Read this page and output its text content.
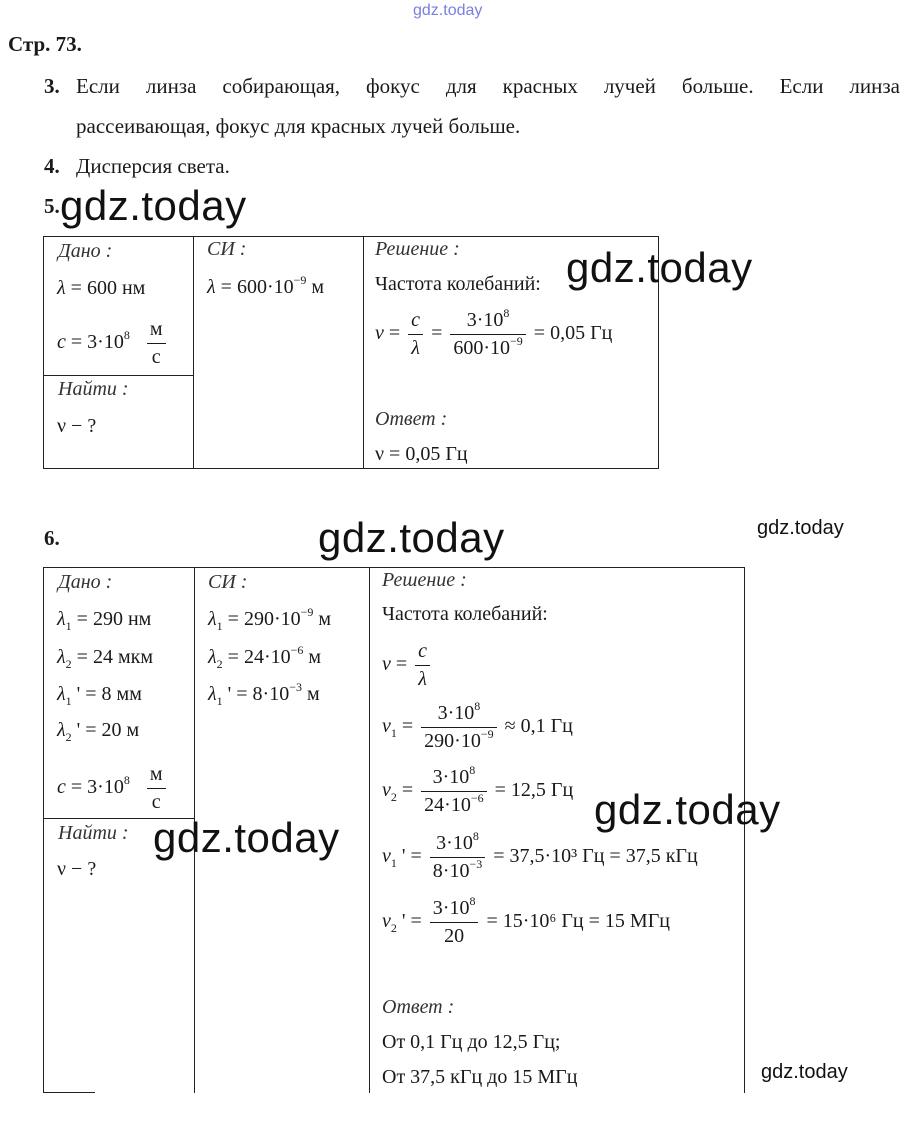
gdz.today
Стр. 73.
3. Если линза собирающая, фокус для красных лучей больше. Если линза

рассеивающая, фокус для красных лучей больше.

4. Дисперсия света.

5. gdz.today
Дано :
λ = 600 нм
$c = 3\cdot 10^8 \frac{м}{с}$
Найти :
ν − ?
СИ :
$\lambda = 600\cdot 10^{-9}$ м
Решение :
Частота колебаний:
$\nu = \frac{c}{\lambda} = \frac{3\cdot 10^8}{600\cdot 10^{-9}} = 0,05$ Гц
Ответ :
ν = 0,05 Гц
gdz.today
6.	gdz.today	gdz.today
Дано :
$\lambda_1 = 290$ нм
$\lambda_2 = 24$ мкм
$\lambda_1$ ' = 8 мм
$\lambda_2$ ' = 20 м
$c = 3\cdot 10^8 \frac{м}{с}$
Найти :
ν − ?
СИ :
$\lambda_1 = 290\cdot 10^{-9}$ м
$\lambda_2 = 24\cdot 10^{-6}$ м
$\lambda_1$ ' = $8\cdot 10^{-3}$ м
Решение :
Частота колебаний:
$\nu = \frac{c}{\lambda}$
$\nu_1 = \frac{3\cdot 10^8}{290\cdot 10^{-9}} \approx 0,1$ Гц
$\nu_2 = \frac{3\cdot 10^8}{24\cdot 10^{-6}} = 12,5$ Гц
$\nu_1$ ' = $\frac{3\cdot 10^8}{8\cdot 10^{-3}} = 37,5\cdot 10^3$ Гц = 37,5 кГц
$\nu_2$ ' = $\frac{3\cdot 10^8}{20} = 15\cdot 10^6$ Гц = 15 МГц
Ответ :
От 0,1 Гц до 12,5 Гц;
От 37,5 кГц до 15 МГц
gdz.today
gdz.today
gdz.today
